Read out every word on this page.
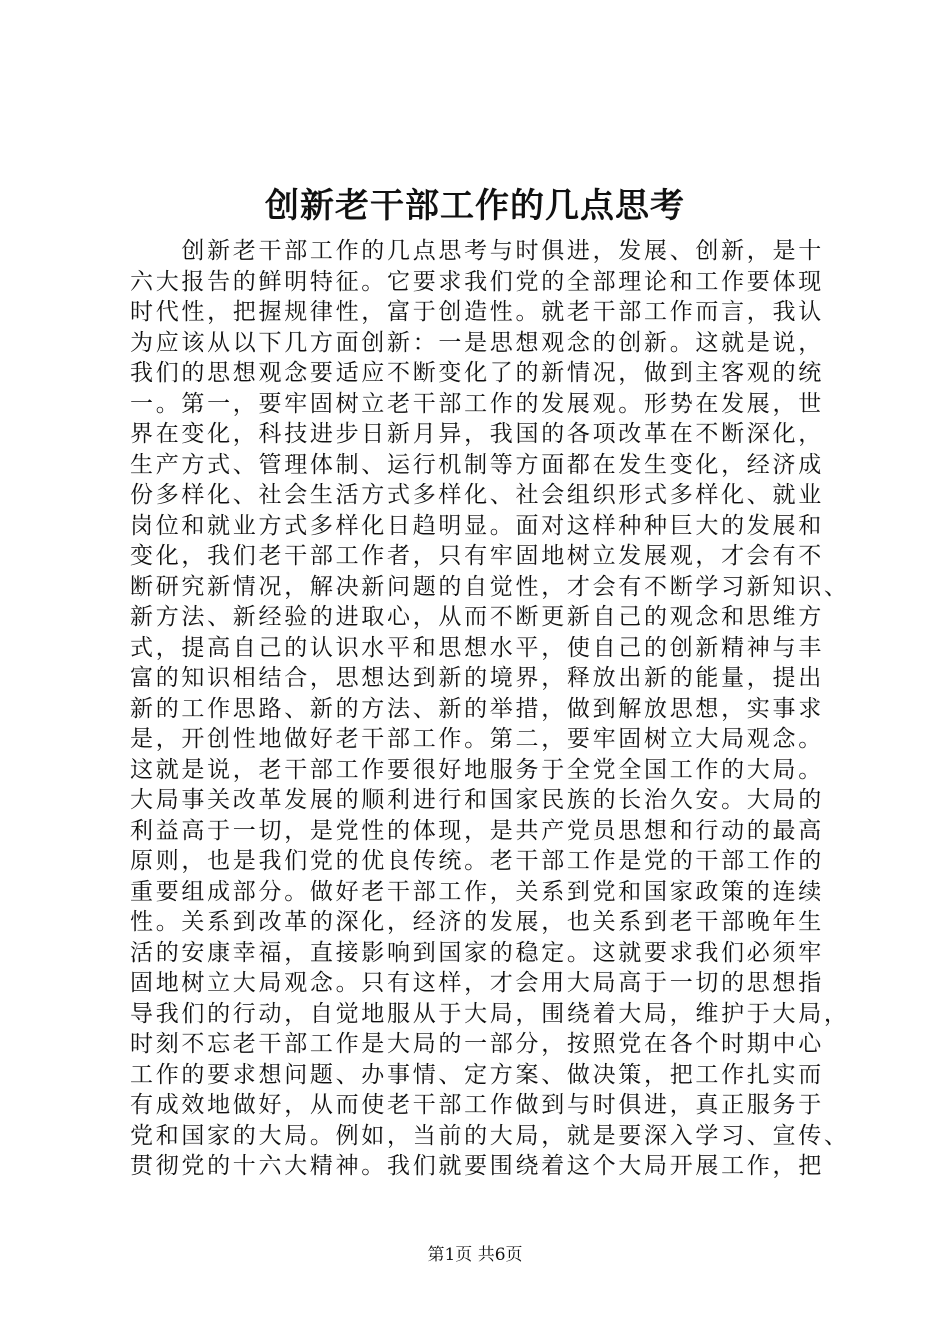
创新老干部工作的几点思考
　　创新老干部工作的几点思考与时俱进，发展、创新，是十
六大报告的鲜明特征。它要求我们党的全部理论和工作要体现
时代性，把握规律性，富于创造性。就老干部工作而言，我认
为应该从以下几方面创新：一是思想观念的创新。这就是说，
我们的思想观念要适应不断变化了的新情况，做到主客观的统
一。第一，要牢固树立老干部工作的发展观。形势在发展，世
界在变化，科技进步日新月异，我国的各项改革在不断深化，
生产方式、管理体制、运行机制等方面都在发生变化，经济成
份多样化、社会生活方式多样化、社会组织形式多样化、就业
岗位和就业方式多样化日趋明显。面对这样种种巨大的发展和
变化，我们老干部工作者，只有牢固地树立发展观，才会有不
断研究新情况，解决新问题的自觉性，才会有不断学习新知识、
新方法、新经验的进取心，从而不断更新自己的观念和思维方
式，提高自己的认识水平和思想水平，使自己的创新精神与丰
富的知识相结合，思想达到新的境界，释放出新的能量，提出
新的工作思路、新的方法、新的举措，做到解放思想，实事求
是，开创性地做好老干部工作。第二，要牢固树立大局观念。
这就是说，老干部工作要很好地服务于全党全国工作的大局。
大局事关改革发展的顺利进行和国家民族的长治久安。大局的
利益高于一切，是党性的体现，是共产党员思想和行动的最高
原则，也是我们党的优良传统。老干部工作是党的干部工作的
重要组成部分。做好老干部工作，关系到党和国家政策的连续
性。关系到改革的深化，经济的发展，也关系到老干部晚年生
活的安康幸福，直接影响到国家的稳定。这就要求我们必须牢
固地树立大局观念。只有这样，才会用大局高于一切的思想指
导我们的行动，自觉地服从于大局，围绕着大局，维护于大局，
时刻不忘老干部工作是大局的一部分，按照党在各个时期中心
工作的要求想问题、办事情、定方案、做决策，把工作扎实而
有成效地做好，从而使老干部工作做到与时俱进，真正服务于
党和国家的大局。例如，当前的大局，就是要深入学习、宣传、
贯彻党的十六大精神。我们就要围绕着这个大局开展工作，把
第1页 共6页
